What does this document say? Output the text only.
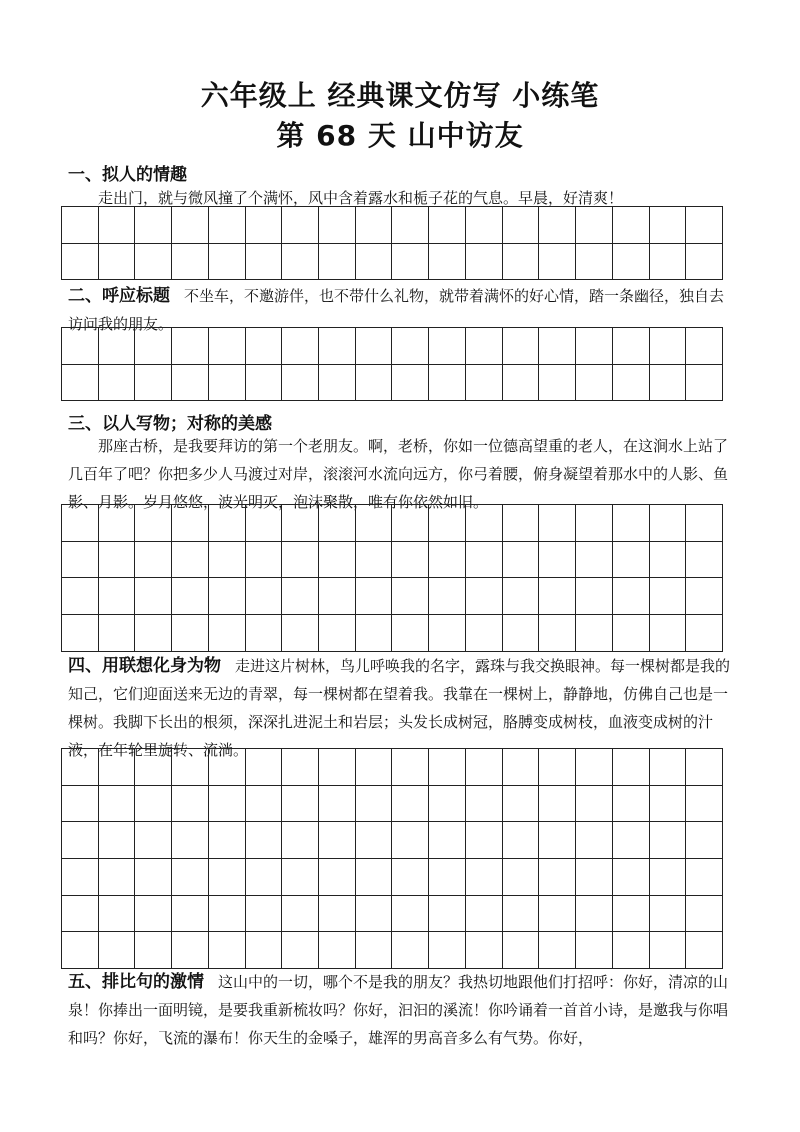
六年级上 经典课文仿写 小练笔
第 68 天 山中访友
一、拟人的情趣

走出门，就与微风撞了个满怀，风中含着露水和栀子花的气息。早晨，好清爽！

二、呼应标题 不坐车，不邀游伴，也不带什么礼物，就带着满怀的好心情，踏一条幽径，独自去访问我的朋友。

三、以人写物；对称的美感

那座古桥，是我要拜访的第一个老朋友。啊，老桥，你如一位德高望重的老人，在这涧水上站了几百年了吧？你把多少人马渡过对岸，滚滚河水流向远方，你弓着腰，俯身凝望着那水中的人影、鱼影、月影。岁月悠悠，波光明灭，泡沫聚散，唯有你依然如旧。

四、用联想化身为物 走进这片树林，鸟儿呼唤我的名字，露珠与我交换眼神。每一棵树都是我的知己，它们迎面送来无边的青翠，每一棵树都在望着我。我靠在一棵树上，静静地，仿佛自己也是一棵树。我脚下长出的根须，深深扎进泥土和岩层；头发长成树冠，胳膊变成树枝，血液变成树的汁液，在年轮里旋转、流淌。

五、排比句的激情 这山中的一切，哪个不是我的朋友？我热切地跟他们打招呼：你好，清凉的山泉！你捧出一面明镜，是要我重新梳妆吗？你好，汩汩的溪流！你吟诵着一首首小诗，是邀我与你唱和吗？你好，飞流的瀑布！你天生的金嗓子，雄浑的男高音多么有气势。你好，
